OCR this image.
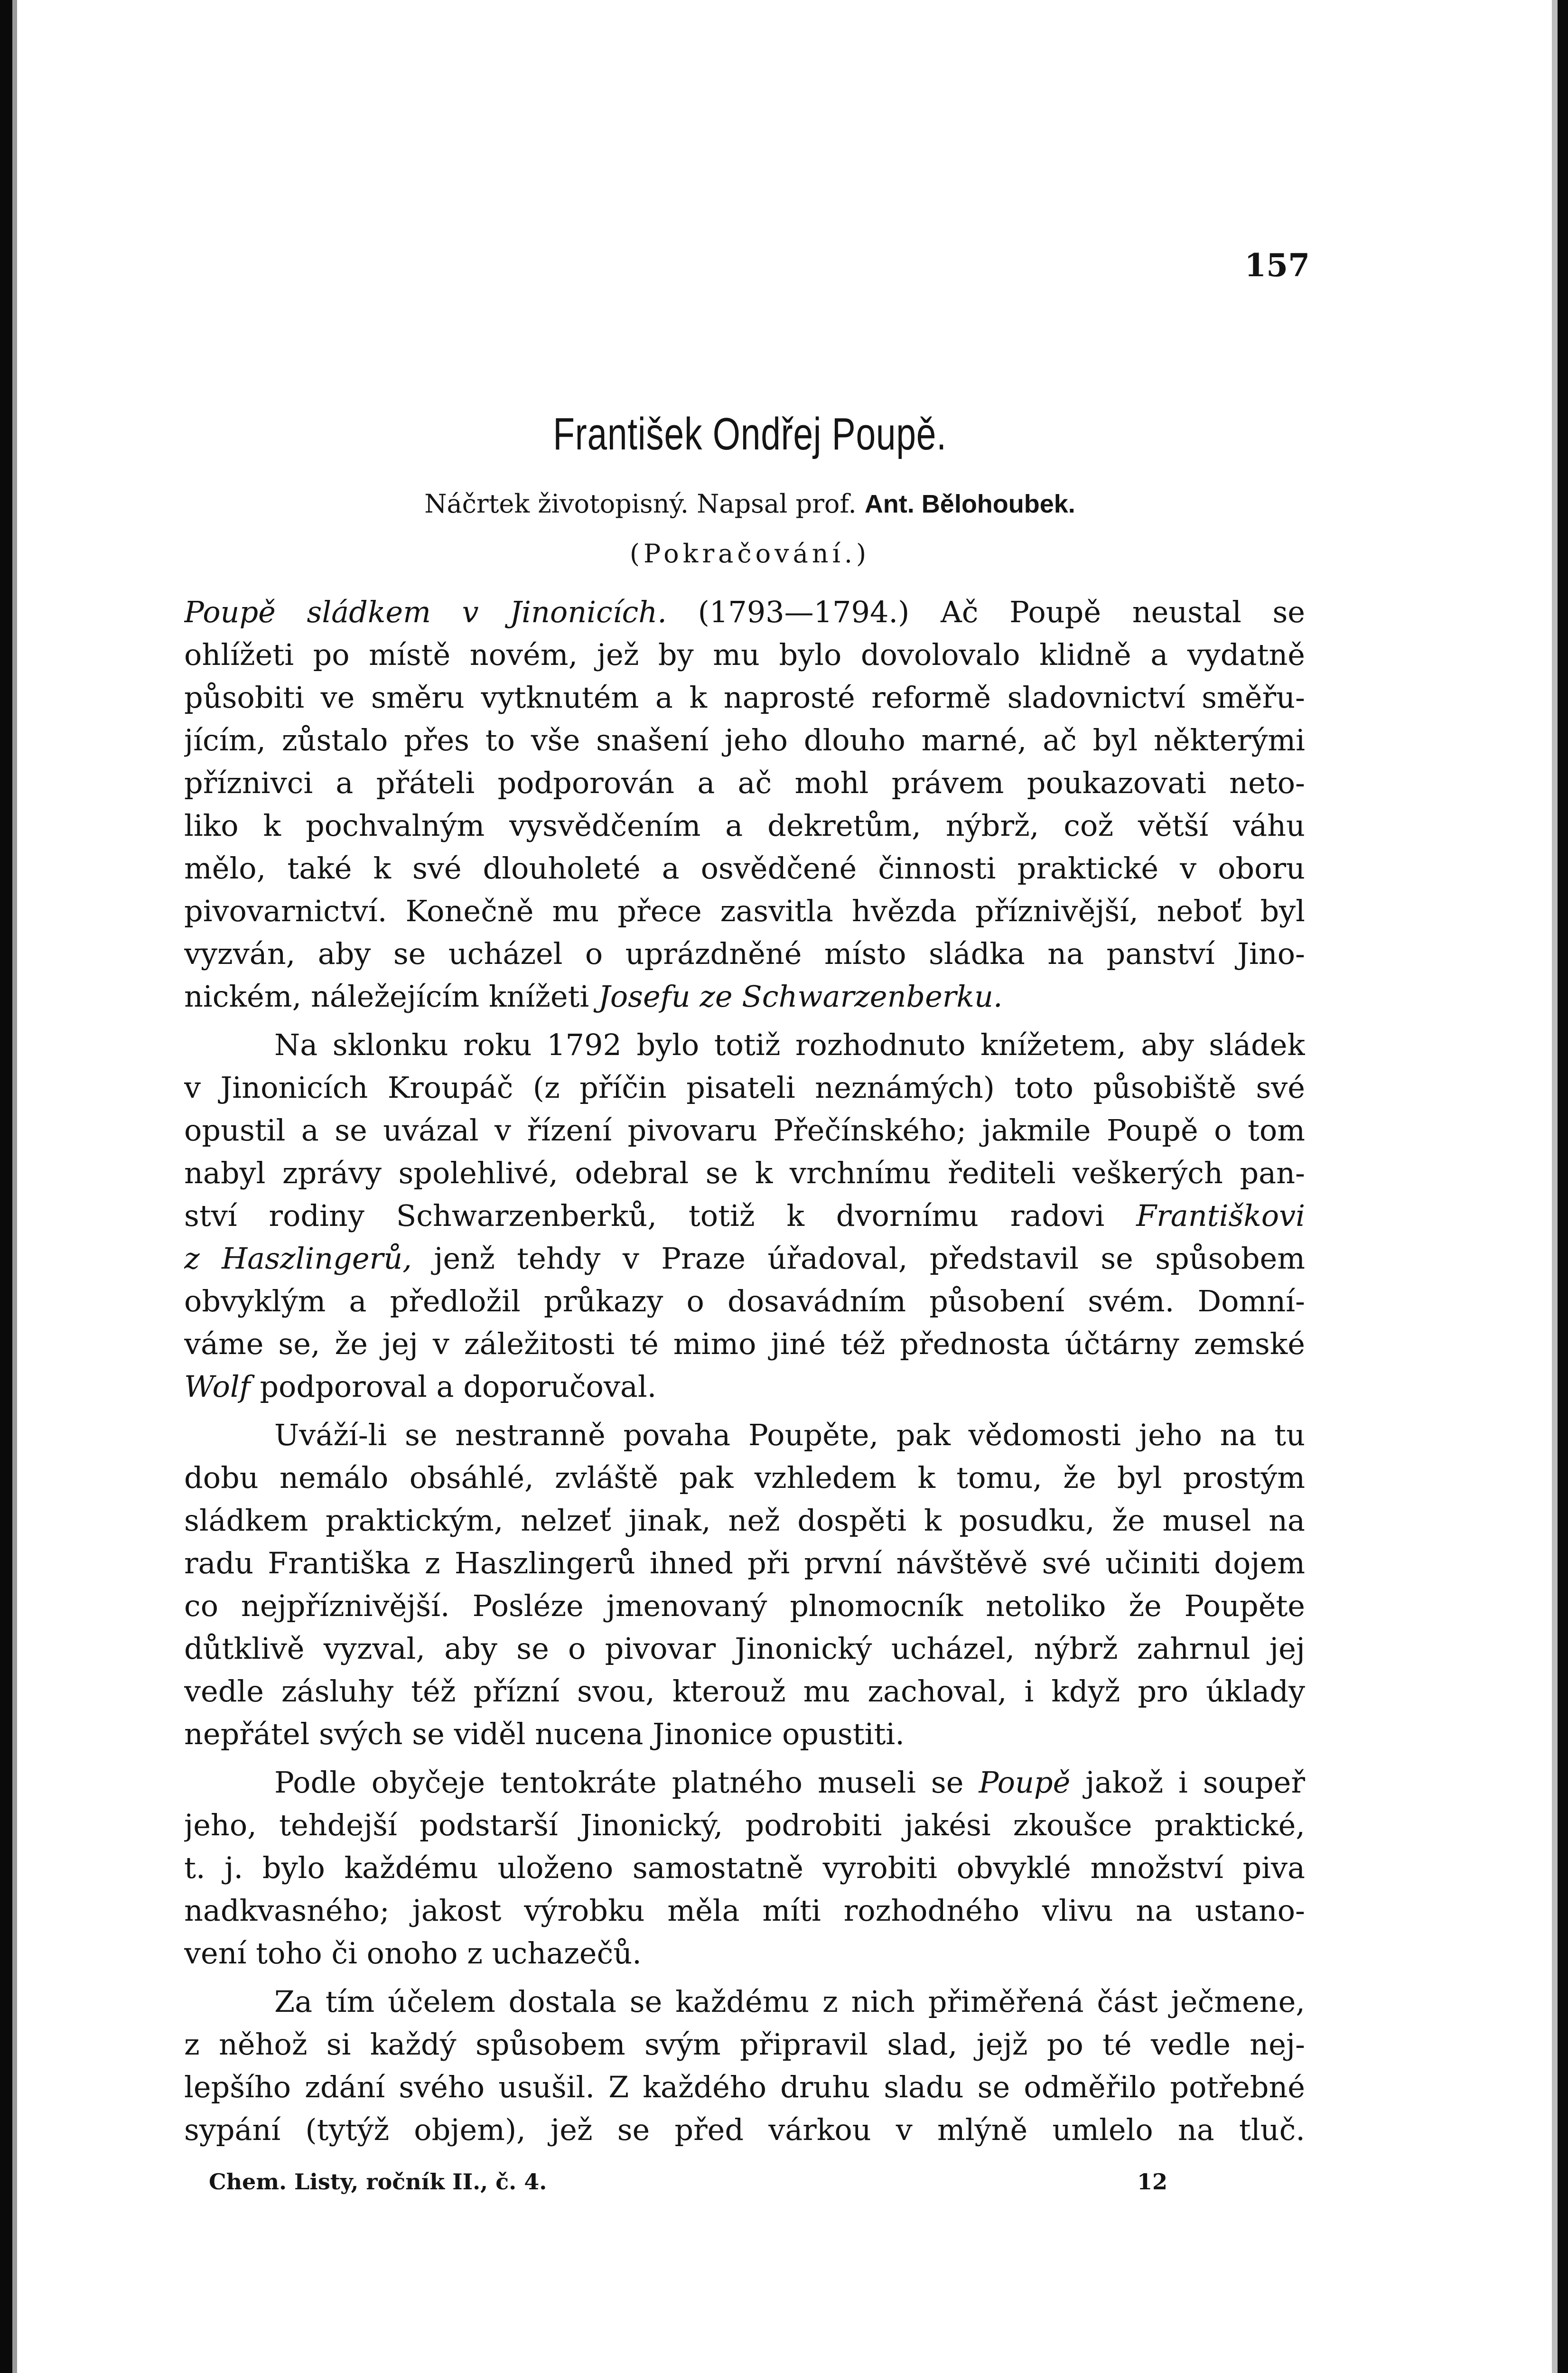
157
František Ondřej Poupě.
Náčrtek životopisný. Napsal prof. Ant. Bělohoubek.
(Pokračování.)
Poupě sládkem v Jinonicích. (1793—1794.) Ač Poupě neustal se
ohlížeti po místě novém, jež by mu bylo dovolovalo klidně a vydatně
působiti ve směru vytknutém a k naprosté reformě sladovnictví směřu-
jícím, zůstalo přes to vše snašení jeho dlouho marné, ač byl některými
příznivci a přáteli podporován a ač mohl právem poukazovati neto-
liko k pochvalným vysvědčením a dekretům, nýbrž, což větší váhu
mělo, také k své dlouholeté a osvědčené činnosti praktické v oboru
pivovarnictví. Konečně mu přece zasvitla hvězda příznivější, neboť byl
vyzván, aby se ucházel o uprázdněné místo sládka na panství Jino-
nickém, náležejícím knížeti Josefu ze Schwarzenberku.
Na sklonku roku 1792 bylo totiž rozhodnuto knížetem, aby sládek
v Jinonicích Kroupáč (z příčin pisateli neznámých) toto působiště své
opustil a se uvázal v řízení pivovaru Přečínského; jakmile Poupě o tom
nabyl zprávy spolehlivé, odebral se k vrchnímu řediteli veškerých pan-
ství rodiny Schwarzenberků, totiž k dvornímu radovi Františkovi
z Haszlingerů, jenž tehdy v Praze úřadoval, představil se spůsobem
obvyklým a předložil průkazy o dosavádním působení svém. Domní-
váme se, že jej v záležitosti té mimo jiné též přednosta účtárny zemské
Wolf podporoval a doporučoval.
Uváží-li se nestranně povaha Poupěte, pak vědomosti jeho na tu
dobu nemálo obsáhlé, zvláště pak vzhledem k tomu, že byl prostým
sládkem praktickým, nelzeť jinak, než dospěti k posudku, že musel na
radu Františka z Haszlingerů ihned při první návštěvě své učiniti dojem
co nejpříznivější. Posléze jmenovaný plnomocník netoliko že Poupěte
důtklivě vyzval, aby se o pivovar Jinonický ucházel, nýbrž zahrnul jej
vedle zásluhy též přízní svou, kterouž mu zachoval, i když pro úklady
nepřátel svých se viděl nucena Jinonice opustiti.
Podle obyčeje tentokráte platného museli se Poupě jakož i soupeř
jeho, tehdejší podstarší Jinonický, podrobiti jakési zkoušce praktické,
t. j. bylo každému uloženo samostatně vyrobiti obvyklé množství piva
nadkvasného; jakost výrobku měla míti rozhodného vlivu na ustano-
vení toho či onoho z uchazečů.
Za tím účelem dostala se každému z nich přiměřená část ječmene,
z něhož si každý spůsobem svým připravil slad, jejž po té vedle nej-
lepšího zdání svého usušil. Z každého druhu sladu se odměřilo potřebné
sypání (tytýž objem), jež se před várkou v mlýně umlelo na tluč.
Chem. Listy, ročník II., č. 4.	12
